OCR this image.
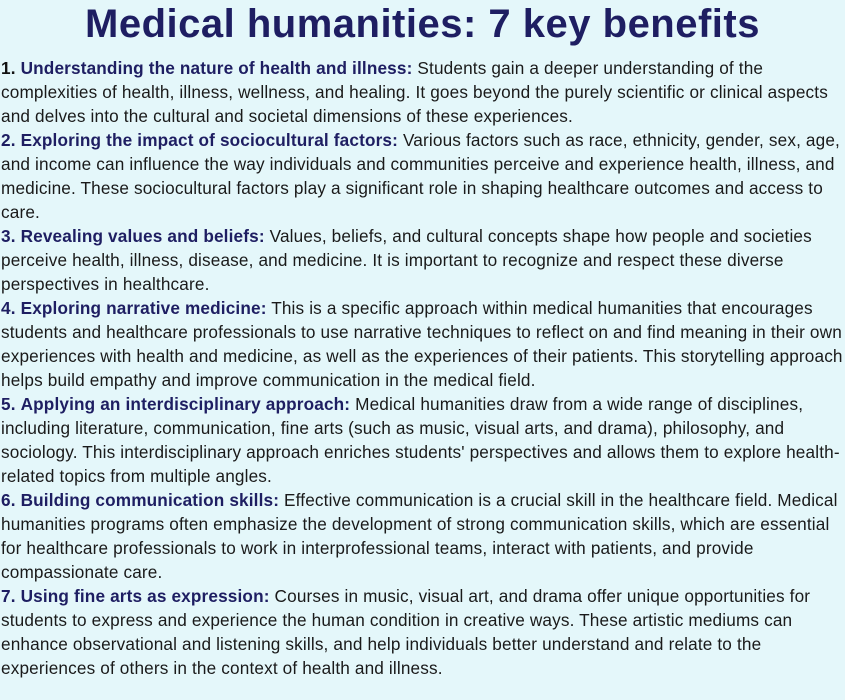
Medical humanities: 7 key benefits
1. Understanding the nature of health and illness: Students gain a deeper understanding of the complexities of health, illness, wellness, and healing. It goes beyond the purely scientific or clinical aspects and delves into the cultural and societal dimensions of these experiences.
2. Exploring the impact of sociocultural factors: Various factors such as race, ethnicity, gender, sex, age, and income can influence the way individuals and communities perceive and experience health, illness, and medicine. These sociocultural factors play a significant role in shaping healthcare outcomes and access to care.
3. Revealing values and beliefs: Values, beliefs, and cultural concepts shape how people and societies perceive health, illness, disease, and medicine. It is important to recognize and respect these diverse perspectives in healthcare.
4. Exploring narrative medicine: This is a specific approach within medical humanities that encourages students and healthcare professionals to use narrative techniques to reflect on and find meaning in their own experiences with health and medicine, as well as the experiences of their patients. This storytelling approach helps build empathy and improve communication in the medical field.
5. Applying an interdisciplinary approach: Medical humanities draw from a wide range of disciplines, including literature, communication, fine arts (such as music, visual arts, and drama), philosophy, and sociology. This interdisciplinary approach enriches students' perspectives and allows them to explore health-related topics from multiple angles.
6. Building communication skills: Effective communication is a crucial skill in the healthcare field. Medical humanities programs often emphasize the development of strong communication skills, which are essential for healthcare professionals to work in interprofessional teams, interact with patients, and provide compassionate care.
7. Using fine arts as expression: Courses in music, visual art, and drama offer unique opportunities for students to express and experience the human condition in creative ways. These artistic mediums can enhance observational and listening skills, and help individuals better understand and relate to the experiences of others in the context of health and illness.
